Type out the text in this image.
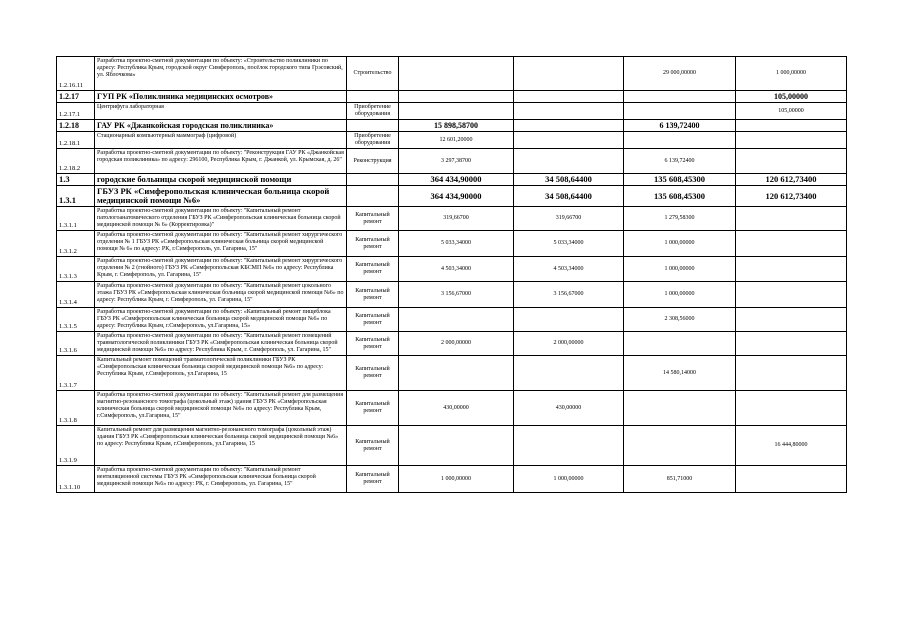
1.2.16.11	Разработка проектно-сметной документации по объекту: «Строительство поликлиники по адресу: Республика Крым, городской округ Симферополь, посёлок городского типа Грэсовский, ул. Яблочкова»	Строительство			29 000,00000	1 000,00000
1.2.17	ГУП РК «Поликлиника медицинских осмотров»					105,00000
1.2.17.1	Центрифуга лабораторная	Приобретение оборудования				105,00000
1.2.18	ГАУ РК «Джанкойская городская поликлиника»		15 898,58700		6 139,72400	
1.2.18.1	Стационарный компьютерный маммограф (цифровой)	Приобретение оборудования	12 601,20000			
1.2.18.2	Разработка проектно-сметной документации по объекту: "Реконструкция ГАУ РК «Джанкойская городская поликлиника» по адресу: 296100, Республика Крым, г. Джанкой, ул. Крымская, д. 26"	Реконструкция	3 297,38700		6 139,72400	
1.3	городские больницы скорой медицинской помощи		364 434,90000	34 508,64400	135 608,45300	120 612,73400
1.3.1	ГБУЗ РК «Симферопольская клиническая больница скорой медицинской помощи №6»		364 434,90000	34 508,64400	135 608,45300	120 612,73400
1.3.1.1	Разработка проектно-сметной документации по объекту: "Капитальный ремонт патологоанатомического отделения ГБУЗ РК «Симферопольская клиническая больница скорой медицинской помощи № 6» (Корректировка)"	Капитальный ремонт	319,66700	319,66700	1 279,58300	
1.3.1.2	Разработка проектно-сметной документации по объекту: "Капитальный ремонт хирургического отделения № 1 ГБУЗ РК «Симферопольская клиническая больница скорой медицинской помощи № 6» по адресу: РК, г.Симферополь, ул. Гагарина, 15"	Капитальный ремонт	5 033,34000	5 033,34000	1 000,00000	
1.3.1.3	Разработка проектно-сметной документации по объекту: "Капитальный ремонт хирургического отделения № 2 (гнойного) ГБУЗ РК «Симферопольская КБСМП №6» по адресу: Республика Крым, г. Симферополь, ул. Гагарина, 15"	Капитальный ремонт	4 503,34000	4 503,34000	1 000,00000	
1.3.1.4	Разработка проектно-сметной документации по объекту: "Капитальный ремонт цокольного этажа ГБУЗ РК «Симферопольская клиническая больница скорой медицинской помощи №6» по адресу: Республика Крым, г. Симферополь, ул. Гагарина, 15"	Капитальный ремонт	3 156,67000	3 156,67000	1 000,00000	
1.3.1.5	Разработка проектно-сметной документации по объекту: «Капитальный ремонт пищеблока ГБУЗ РК «Симферопольская клиническая больница скорой медицинской помощи №6» по адресу: Республика Крым, г.Симферополь, ул.Гагарина, 15»	Капитальный ремонт			2 308,56000	
1.3.1.6	Разработка проектно-сметной документации по объекту: "Капитальный ремонт помещений травматологической поликлиники ГБУЗ РК «Симферопольская клиническая больница скорой медицинской помощи №6» по адресу: Республика Крым, г. Симферополь, ул. Гагарина, 15"	Капитальный ремонт	2 000,00000	2 000,00000		
1.3.1.7	Капитальный ремонт помещений травматологической поликлиники ГБУЗ РК «Симферопольская клиническая больница скорой медицинской помощи №6» по адресу: Республика Крым, г.Симферополь, ул.Гагарина, 15	Капитальный ремонт			14 580,14000	
1.3.1.8	Разработка проектно-сметной документации по объекту: "Капитальный ремонт для размещения магнитно-резонансного томографа (цокольный этаж) здания ГБУЗ РК «Симферопольская клиническая больница скорой медицинской помощи №6» по адресу: Республика Крым, г.Симферополь, ул.Гагарина, 15"	Капитальный ремонт	430,00000	430,00000		
1.3.1.9	Капитальный ремонт для размещения магнитно-резонансного томографа (цокольный этаж) здания ГБУЗ РК «Симферопольская клиническая больница скорой медицинской помощи №6» по адресу: Республика Крым, г.Симферополь, ул.Гагарина, 15	Капитальный ремонт				16 444,80000
1.3.1.10	Разработка проектно-сметной документации по объекту: "Капитальный ремонт вентиляционной системы ГБУЗ РК «Симферопольская клиническая больница скорой медицинской помощи №6» по адресу: РК, г. Симферополь, ул. Гагарина, 15"	Капитальный ремонт	1 000,00000	1 000,00000	851,71000	
